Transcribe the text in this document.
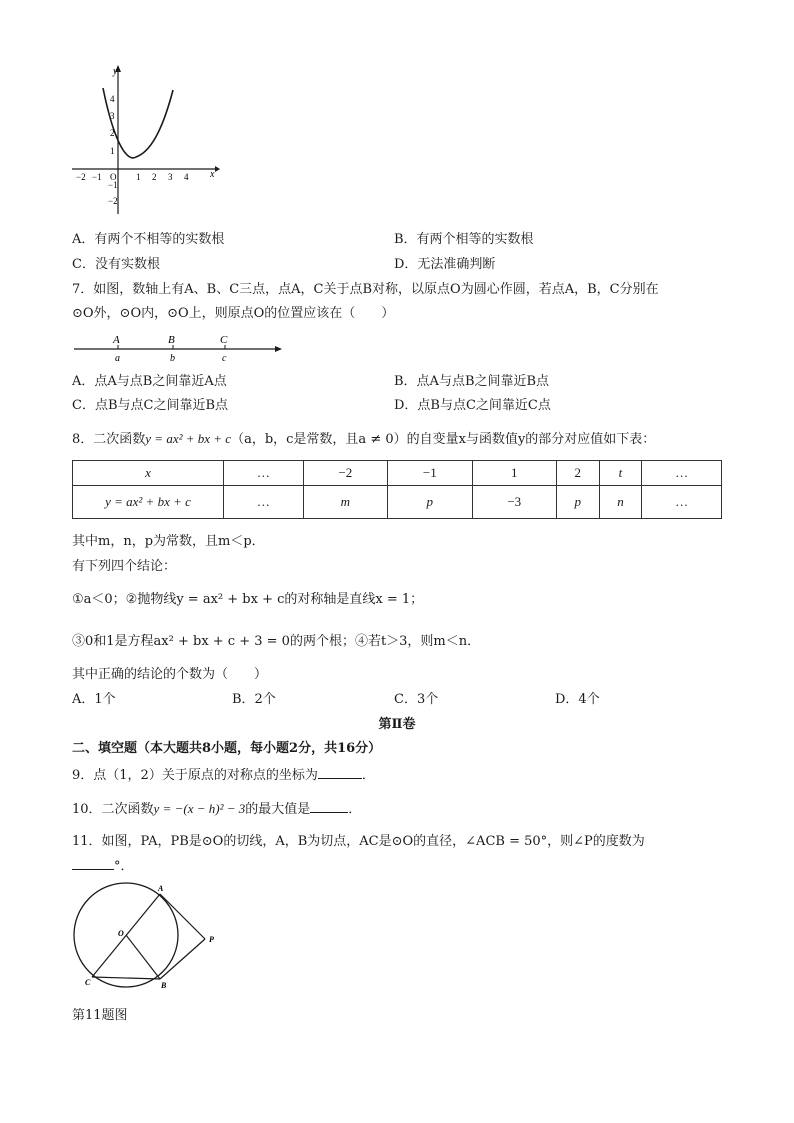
y
x
O
−2 −1	1 2 3 4
4
3
2
1
−1
−2
A．有两个不相等的实数根	B．有两个相等的实数根
C．没有实数根	D．无法准确判断
7．如图，数轴上有A、B、C三点，点A，C关于点B对称，以原点O为圆心作圆，若点A，B，C分别在
⊙O外，⊙O内，⊙O上，则原点O的位置应该在（　　）
A	B	C
a	b	c
A．点A与点B之间靠近A点	B．点A与点B之间靠近B点
C．点B与点C之间靠近B点	D．点B与点C之间靠近C点
8．二次函数y = ax² + bx + c（a，b，c是常数，且a ≠ 0）的自变量x与函数值y的部分对应值如下表：
x	…	−2	−1	1	2	t	…
y = ax² + bx + c	…	m	p	−3	p	n	…
其中m，n，p为常数，且m＜p．
有下列四个结论：
①a＜0；②抛物线y = ax² + bx + c的对称轴是直线x = 1；
③0和1是方程ax² + bx + c + 3 = 0的两个根；④若t＞3，则m＜n．
其中正确的结论的个数为（　　）
A．1个	B．2个	C．3个	D．4个
第Ⅱ卷
二、填空题（本大题共8小题，每小题2分，共16分）
9．点（1，2）关于原点的对称点的坐标为	．
10．二次函数y = −(x − h)² − 3的最大值是	．
11．如图，PA，PB是⊙O的切线，A，B为切点，AC是⊙O的直径，∠ACB = 50°，则∠P的度数为
°．
A
O
P
C	B
第11题图
